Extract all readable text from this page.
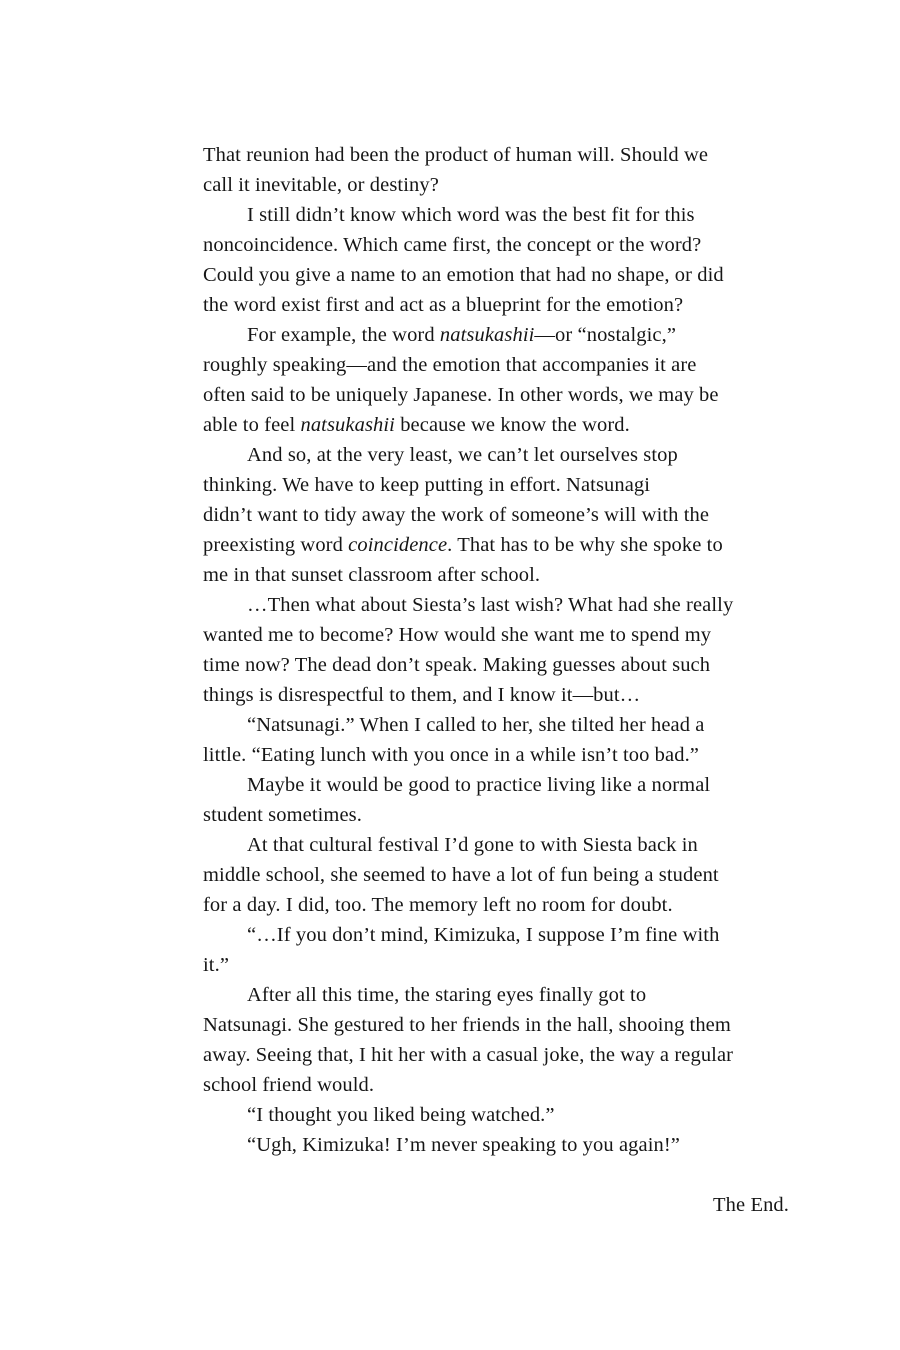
That reunion had been the product of human will. Should we
call it inevitable, or destiny?
I still didn’t know which word was the best fit for this
noncoincidence. Which came first, the concept or the word?
Could you give a name to an emotion that had no shape, or did
the word exist first and act as a blueprint for the emotion?
For example, the word natsukashii—or “nostalgic,”
roughly speaking—and the emotion that accompanies it are
often said to be uniquely Japanese. In other words, we may be
able to feel natsukashii because we know the word.
And so, at the very least, we can’t let ourselves stop
thinking. We have to keep putting in effort. Natsunagi
didn’t want to tidy away the work of someone’s will with the
preexisting word coincidence. That has to be why she spoke to
me in that sunset classroom after school.
…Then what about Siesta’s last wish? What had she really
wanted me to become? How would she want me to spend my
time now? The dead don’t speak. Making guesses about such
things is disrespectful to them, and I know it—but…
“Natsunagi.” When I called to her, she tilted her head a
little. “Eating lunch with you once in a while isn’t too bad.”
Maybe it would be good to practice living like a normal
student sometimes.
At that cultural festival I’d gone to with Siesta back in
middle school, she seemed to have a lot of fun being a student
for a day. I did, too. The memory left no room for doubt.
“…If you don’t mind, Kimizuka, I suppose I’m fine with
it.”
After all this time, the staring eyes finally got to
Natsunagi. She gestured to her friends in the hall, shooing them
away. Seeing that, I hit her with a casual joke, the way a regular
school friend would.
“I thought you liked being watched.”
“Ugh, Kimizuka! I’m never speaking to you again!”
The End.
